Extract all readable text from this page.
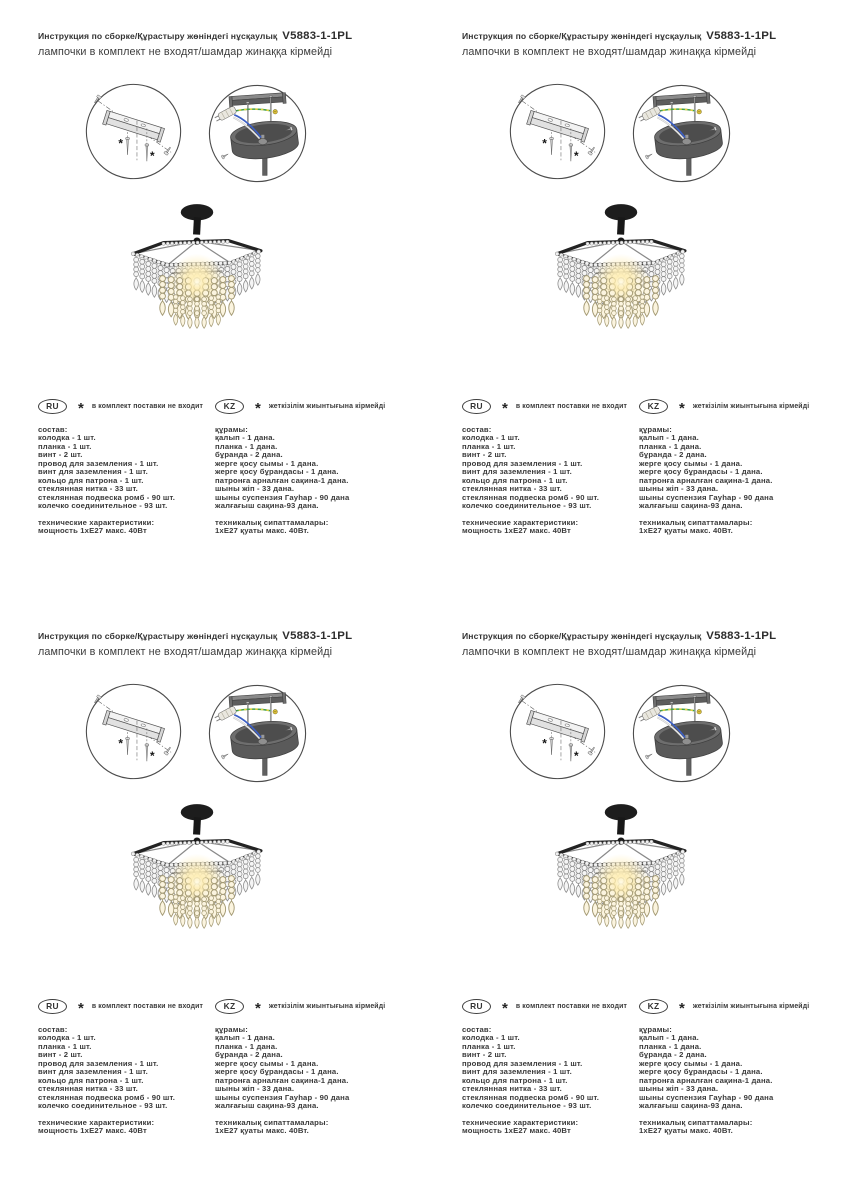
Инструкция по сборке/Құрастыру жөніндегі нұсқаулық V5883-1-1PL
лампочки в комплект не входят/шамдар жинаққа кірмейді
*
*
RU	* в комплект поставки не входит
состав:
колодка - 1 шт.
планка - 1 шт.
винт - 2 шт.
провод для заземления - 1 шт.
винт для заземления - 1 шт.
кольцо для патрона - 1 шт.
стеклянная нитка - 33 шт.
стеклянная подвеска ромб - 90 шт.
колечко соединительное - 93 шт.
технические характеристики:
мощность 1хЕ27 макс. 40Вт
KZ	* жеткізілім жиынтығына кірмейді
құрамы:
қалып - 1 дана.
планка - 1 дана.
бұранда - 2 дана.
жерге қосу сымы - 1 дана.
жерге қосу бұрандасы - 1 дана.
патронға арналған сақина-1 дана.
шыны жіп - 33 дана.
шыны суспензия Гауһар - 90 дана
жалғағыш сақина-93 дана.
техникалық сипаттамалары:
1хЕ27 қуаты макс. 40Вт.
Инструкция по сборке/Құрастыру жөніндегі нұсқаулық V5883-1-1PL
лампочки в комплект не входят/шамдар жинаққа кірмейді
*
*
RU	* в комплект поставки не входит
состав:
колодка - 1 шт.
планка - 1 шт.
винт - 2 шт.
провод для заземления - 1 шт.
винт для заземления - 1 шт.
кольцо для патрона - 1 шт.
стеклянная нитка - 33 шт.
стеклянная подвеска ромб - 90 шт.
колечко соединительное - 93 шт.
технические характеристики:
мощность 1хЕ27 макс. 40Вт
KZ	* жеткізілім жиынтығына кірмейді
құрамы:
қалып - 1 дана.
планка - 1 дана.
бұранда - 2 дана.
жерге қосу сымы - 1 дана.
жерге қосу бұрандасы - 1 дана.
патронға арналған сақина-1 дана.
шыны жіп - 33 дана.
шыны суспензия Гауһар - 90 дана
жалғағыш сақина-93 дана.
техникалық сипаттамалары:
1хЕ27 қуаты макс. 40Вт.
Инструкция по сборке/Құрастыру жөніндегі нұсқаулық V5883-1-1PL
лампочки в комплект не входят/шамдар жинаққа кірмейді
*
*
RU	* в комплект поставки не входит
состав:
колодка - 1 шт.
планка - 1 шт.
винт - 2 шт.
провод для заземления - 1 шт.
винт для заземления - 1 шт.
кольцо для патрона - 1 шт.
стеклянная нитка - 33 шт.
стеклянная подвеска ромб - 90 шт.
колечко соединительное - 93 шт.
технические характеристики:
мощность 1хЕ27 макс. 40Вт
KZ	* жеткізілім жиынтығына кірмейді
құрамы:
қалып - 1 дана.
планка - 1 дана.
бұранда - 2 дана.
жерге қосу сымы - 1 дана.
жерге қосу бұрандасы - 1 дана.
патронға арналған сақина-1 дана.
шыны жіп - 33 дана.
шыны суспензия Гауһар - 90 дана
жалғағыш сақина-93 дана.
техникалық сипаттамалары:
1хЕ27 қуаты макс. 40Вт.
Инструкция по сборке/Құрастыру жөніндегі нұсқаулық V5883-1-1PL
лампочки в комплект не входят/шамдар жинаққа кірмейді
*
*
RU	* в комплект поставки не входит
состав:
колодка - 1 шт.
планка - 1 шт.
винт - 2 шт.
провод для заземления - 1 шт.
винт для заземления - 1 шт.
кольцо для патрона - 1 шт.
стеклянная нитка - 33 шт.
стеклянная подвеска ромб - 90 шт.
колечко соединительное - 93 шт.
технические характеристики:
мощность 1хЕ27 макс. 40Вт
KZ	* жеткізілім жиынтығына кірмейді
құрамы:
қалып - 1 дана.
планка - 1 дана.
бұранда - 2 дана.
жерге қосу сымы - 1 дана.
жерге қосу бұрандасы - 1 дана.
патронға арналған сақина-1 дана.
шыны жіп - 33 дана.
шыны суспензия Гауһар - 90 дана
жалғағыш сақина-93 дана.
техникалық сипаттамалары:
1хЕ27 қуаты макс. 40Вт.
